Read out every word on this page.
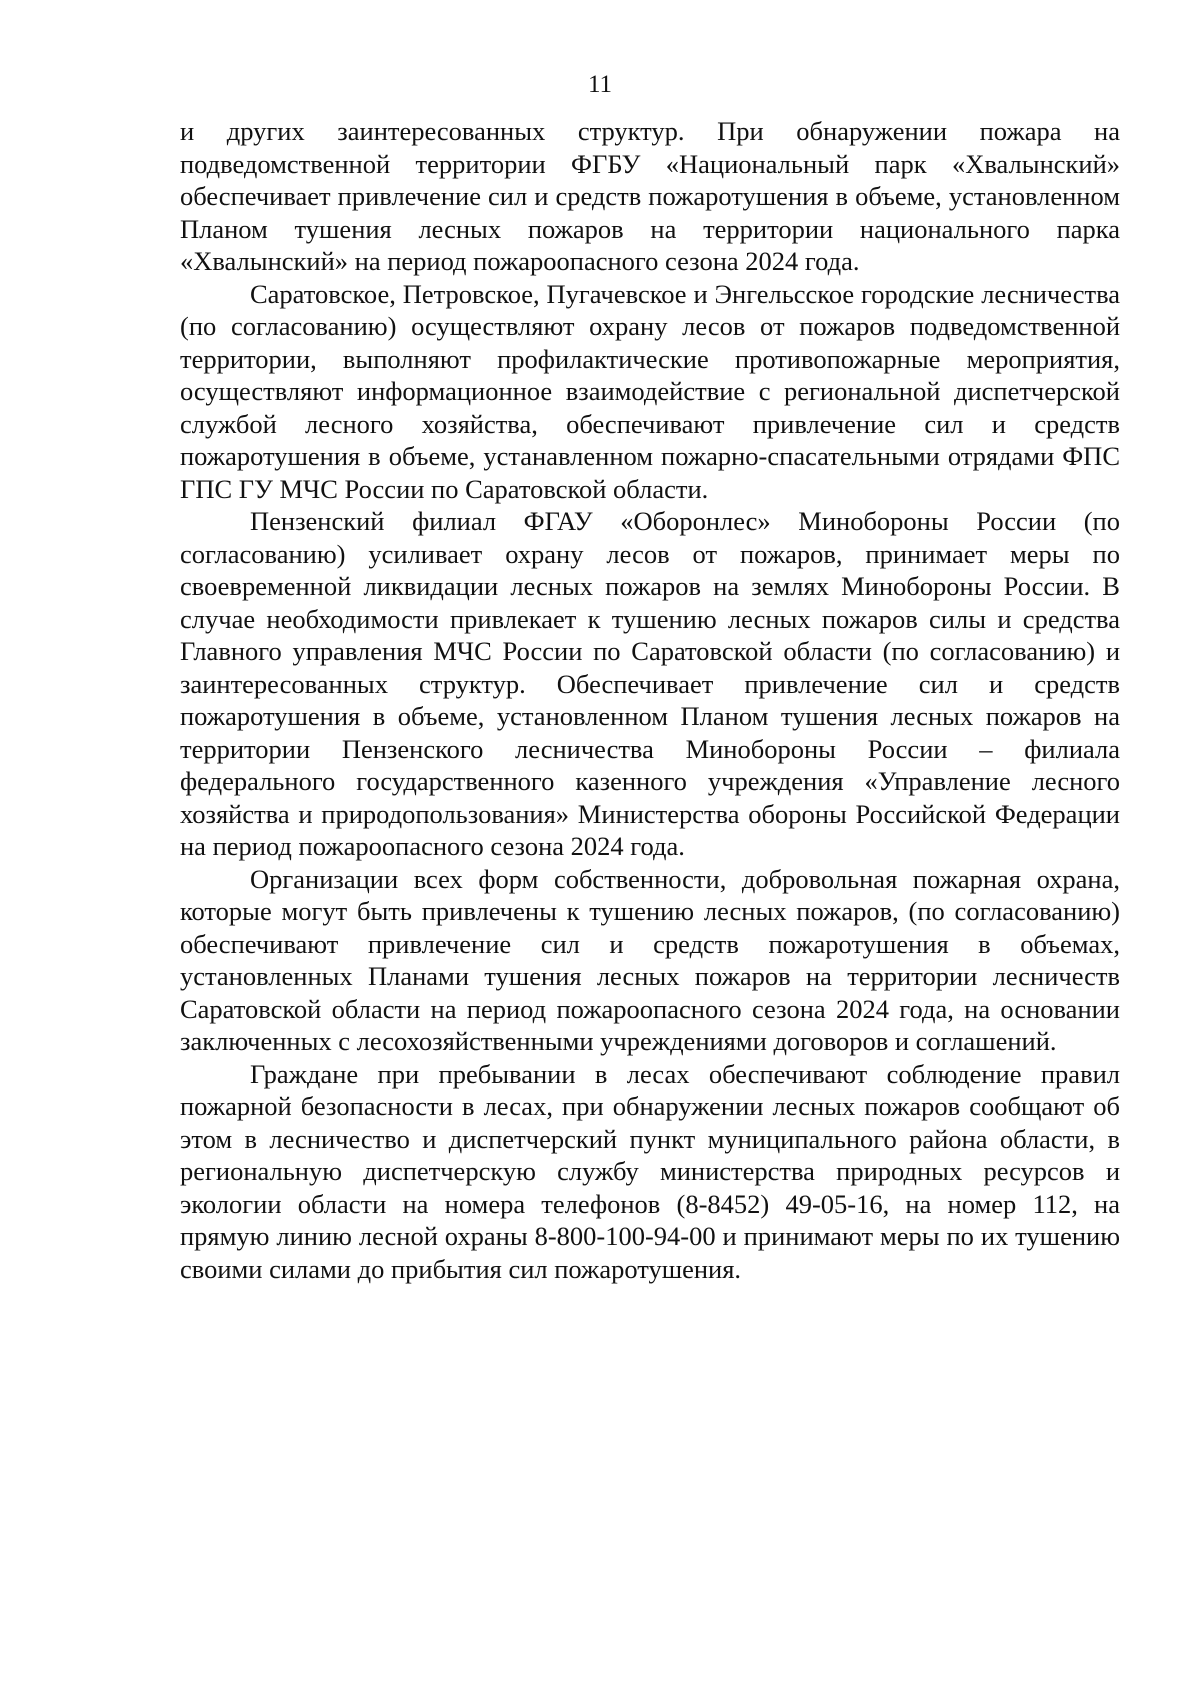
11

и других заинтересованных структур. При обнаружении пожара на подведомственной территории ФГБУ «Национальный парк «Хвалынский» обеспечивает привлечение сил и средств пожаротушения в объеме, установленном Планом тушения лесных пожаров на территории национального парка «Хвалынский» на период пожароопасного сезона 2024 года.

Саратовское, Петровское, Пугачевское и Энгельсское городские лесничества (по согласованию) осуществляют охрану лесов от пожаров подведомственной территории, выполняют профилактические противопожарные мероприятия, осуществляют информационное взаимодействие с региональной диспетчерской службой лесного хозяйства, обеспечивают привлечение сил и средств пожаротушения в объеме, устанавленном пожарно-спасательными отрядами ФПС ГПС ГУ МЧС России по Саратовской области.

Пензенский филиал ФГАУ «Оборонлес» Минобороны России (по согласованию) усиливает охрану лесов от пожаров, принимает меры по своевременной ликвидации лесных пожаров на землях Минобороны России. В случае необходимости привлекает к тушению лесных пожаров силы и средства Главного управления МЧС России по Саратовской области (по согласованию) и заинтересованных структур. Обеспечивает привлечение сил и средств пожаротушения в объеме, установленном Планом тушения лесных пожаров на территории Пензенского лесничества Минобороны России – филиала федерального государственного казенного учреждения «Управление лесного хозяйства и природопользования» Министерства обороны Российской Федерации на период пожароопасного сезона 2024 года.

Организации всех форм собственности, добровольная пожарная охрана, которые могут быть привлечены к тушению лесных пожаров, (по согласованию) обеспечивают привлечение сил и средств пожаротушения в объемах, установленных Планами тушения лесных пожаров на территории лесничеств Саратовской области на период пожароопасного сезона 2024 года, на основании заключенных с лесохозяйственными учреждениями договоров и соглашений.

Граждане при пребывании в лесах обеспечивают соблюдение правил пожарной безопасности в лесах, при обнаружении лесных пожаров сообщают об этом в лесничество и диспетчерский пункт муниципального района области, в региональную диспетчерскую службу министерства природных ресурсов и экологии области на номера телефонов (8-8452) 49-05-16, на номер 112, на прямую линию лесной охраны 8-800-100-94-00 и принимают меры по их тушению своими силами до прибытия сил пожаротушения.
